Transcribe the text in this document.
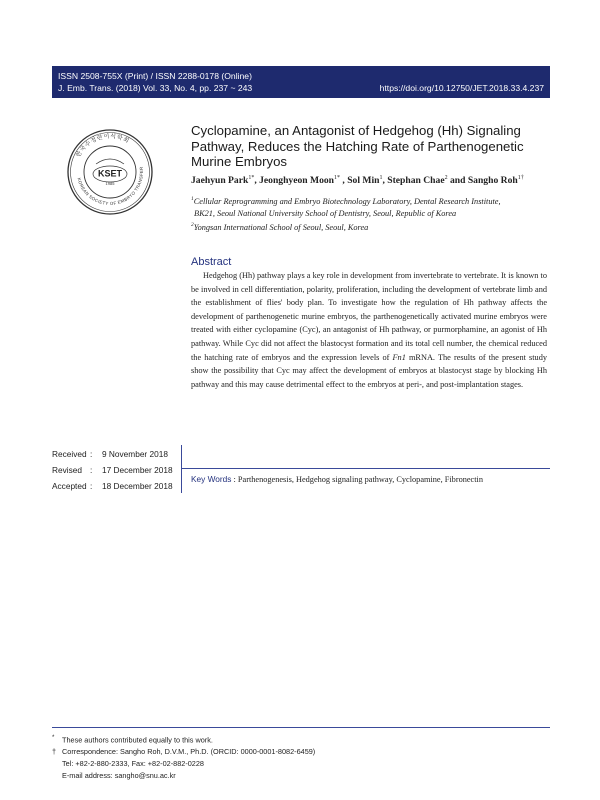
ISSN 2508-755X (Print) / ISSN 2288-0178 (Online)
J. Emb. Trans. (2018) Vol. 33, No. 4, pp. 237 ~ 243	https://doi.org/10.12750/JET.2018.33.4.237
한국수정란이식학회
KOREAN SOCIETY OF EMBRYO TRANSFER
KSET
1985
Cyclopamine, an Antagonist of Hedgehog (Hh) Signaling
Pathway, Reduces the Hatching Rate of Parthenogenetic
Murine Embryos
Jaehyun Park$^{1*}$, Jeonghyeon Moon$^{1*}$ , Sol Min$^1$, Stephan Chae$^2$ and Sangho Roh$^{1\dagger}$
$^1$Cellular Reprogramming and Embryo Biotechnology Laboratory, Dental Research Institute,
BK21, Seoul National University School of Dentistry, Seoul, Republic of Korea
$^2$Yongsan International School of Seoul, Seoul, Korea
Abstract
Hedgehog (Hh) pathway plays a key role in development from invertebrate to vertebrate. It is known to be involved in cell differentiation, polarity, proliferation, including the development of vertebrate limb and the establishment of flies' body plan. To investigate how the regulation of Hh pathway affects the development of parthenogenetic murine embryos, the parthenogenetically activated murine embryos were treated with either cyclopamine (Cyc), an antagonist of Hh pathway, or purmorphamine, an agonist of Hh pathway. While Cyc did not affect the blastocyst formation and its total cell number, the chemical reduced the hatching rate of embryos and the expression levels of Fn1 mRNA. The results of the present study show the possibility that Cyc may affect the development of embryos at blastocyst stage by blocking Hh pathway and this may cause detrimental effect to the embryos at peri-, and post-implantation stages.
Received :	9 November 2018
Revised :	17 December 2018
Accepted :	18 December 2018
Key Words : Parthenogenesis, Hedgehog signaling pathway, Cyclopamine, Fibronectin
* These authors contributed equally to this work.
† Correspondence: Sangho Roh, D.V.M., Ph.D. (ORCID: 0000-0001-8082-6459)
Tel: +82-2-880-2333, Fax: +82-02-882-0228
E-mail address: sangho@snu.ac.kr
